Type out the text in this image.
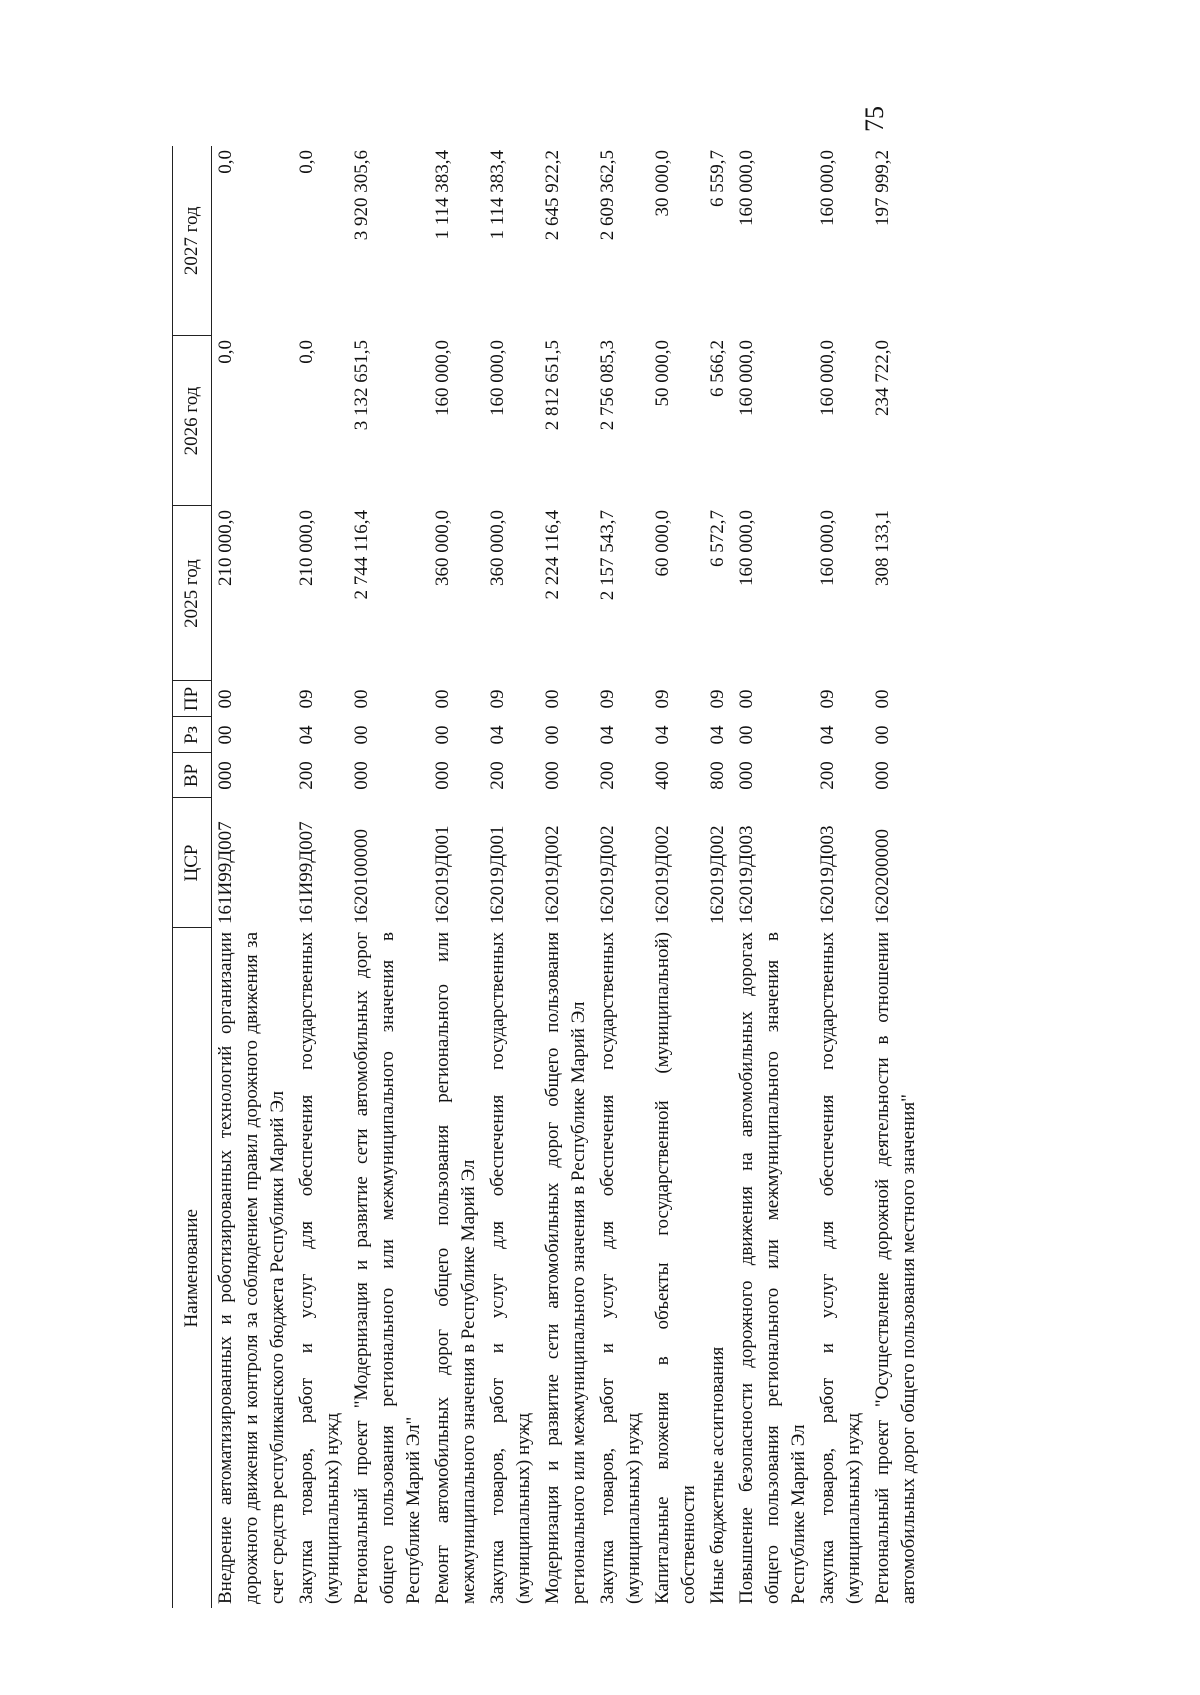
75
Наименование	ЦСР	ВР	Рз	ПР	2025 год	2026 год	2027 год
Внедрение автоматизированных и роботизированных технологий организации дорожного движения и контроля за соблюдением правил дорожного движения за счет средств республиканского бюджета Республики Марий Эл	161И99Д007	000	00	00	210 000,0	0,0	0,0
Закупка товаров, работ и услуг для обеспечения государственных (муниципальных) нужд	161И99Д007	200	04	09	210 000,0	0,0	0,0
Региональный проект "Модернизация и развитие сети автомобильных дорог общего пользования регионального или межмуниципального значения в Республике Марий Эл"	1620100000	000	00	00	2 744 116,4	3 132 651,5	3 920 305,6
Ремонт автомобильных дорог общего пользования регионального или межмуниципального значения в Республике Марий Эл	162019Д001	000	00	00	360 000,0	160 000,0	1 114 383,4
Закупка товаров, работ и услуг для обеспечения государственных (муниципальных) нужд	162019Д001	200	04	09	360 000,0	160 000,0	1 114 383,4
Модернизация и развитие сети автомобильных дорог общего пользования регионального или межмуниципального значения в Республике Марий Эл	162019Д002	000	00	00	2 224 116,4	2 812 651,5	2 645 922,2
Закупка товаров, работ и услуг для обеспечения государственных (муниципальных) нужд	162019Д002	200	04	09	2 157 543,7	2 756 085,3	2 609 362,5
Капитальные вложения в объекты государственной (муниципальной) собственности	162019Д002	400	04	09	60 000,0	50 000,0	30 000,0
Иные бюджетные ассигнования	162019Д002	800	04	09	6 572,7	6 566,2	6 559,7
Повышение безопасности дорожного движения на автомобильных дорогах общего пользования регионального или межмуниципального значения в Республике Марий Эл	162019Д003	000	00	00	160 000,0	160 000,0	160 000,0
Закупка товаров, работ и услуг для обеспечения государственных (муниципальных) нужд	162019Д003	200	04	09	160 000,0	160 000,0	160 000,0
Региональный проект "Осуществление дорожной деятельности в отношении автомобильных дорог общего пользования местного значения"	1620200000	000	00	00	308 133,1	234 722,0	197 999,2
